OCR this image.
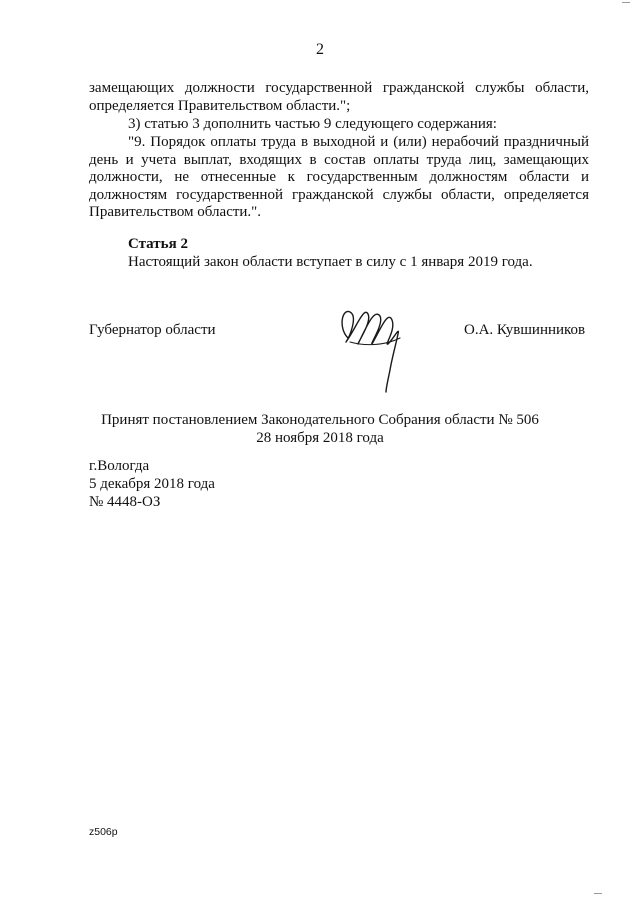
2

замещающих должности государственной гражданской службы области, определяется Правительством области.";

3) статью 3 дополнить частью 9 следующего содержания:

"9. Порядок оплаты труда в выходной и (или) нерабочий праздничный день и учета выплат, входящих в состав оплаты труда лиц, замещающих должности, не отнесенные к государственным должностям области и должностям государственной гражданской службы области, определяется Правительством области.".

Статья 2
Настоящий закон области вступает в силу с 1 января 2019 года.
Губернатор области	О.А. Кувшинников
Принят постановлением Законодательного Собрания области № 506
28 ноября 2018 года
г.Вологда
5 декабря 2018 года
№ 4448-ОЗ
z506p
